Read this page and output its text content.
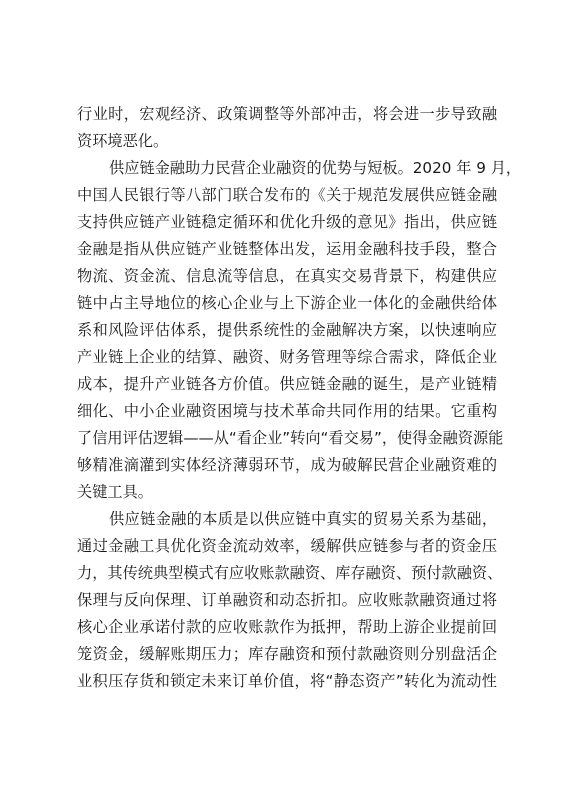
行业时，宏观经济、政策调整等外部冲击，将会进一步导致融
资环境恶化。
供应链金融助力民营企业融资的优势与短板。2020 年 9 月，
中国人民银行等八部门联合发布的《关于规范发展供应链金融
支持供应链产业链稳定循环和优化升级的意见》指出，供应链
金融是指从供应链产业链整体出发，运用金融科技手段，整合
物流、资金流、信息流等信息，在真实交易背景下，构建供应
链中占主导地位的核心企业与上下游企业一体化的金融供给体
系和风险评估体系，提供系统性的金融解决方案，以快速响应
产业链上企业的结算、融资、财务管理等综合需求，降低企业
成本，提升产业链各方价值。供应链金融的诞生，是产业链精
细化、中小企业融资困境与技术革命共同作用的结果。它重构
了信用评估逻辑——从“看企业”转向“看交易”，使得金融资源能
够精准滴灌到实体经济薄弱环节，成为破解民营企业融资难的
关键工具。
供应链金融的本质是以供应链中真实的贸易关系为基础，
通过金融工具优化资金流动效率，缓解供应链参与者的资金压
力，其传统典型模式有应收账款融资、库存融资、预付款融资、
保理与反向保理、订单融资和动态折扣。应收账款融资通过将
核心企业承诺付款的应收账款作为抵押，帮助上游企业提前回
笼资金，缓解账期压力；库存融资和预付款融资则分别盘活企
业积压存货和锁定未来订单价值，将“静态资产”转化为流动性
